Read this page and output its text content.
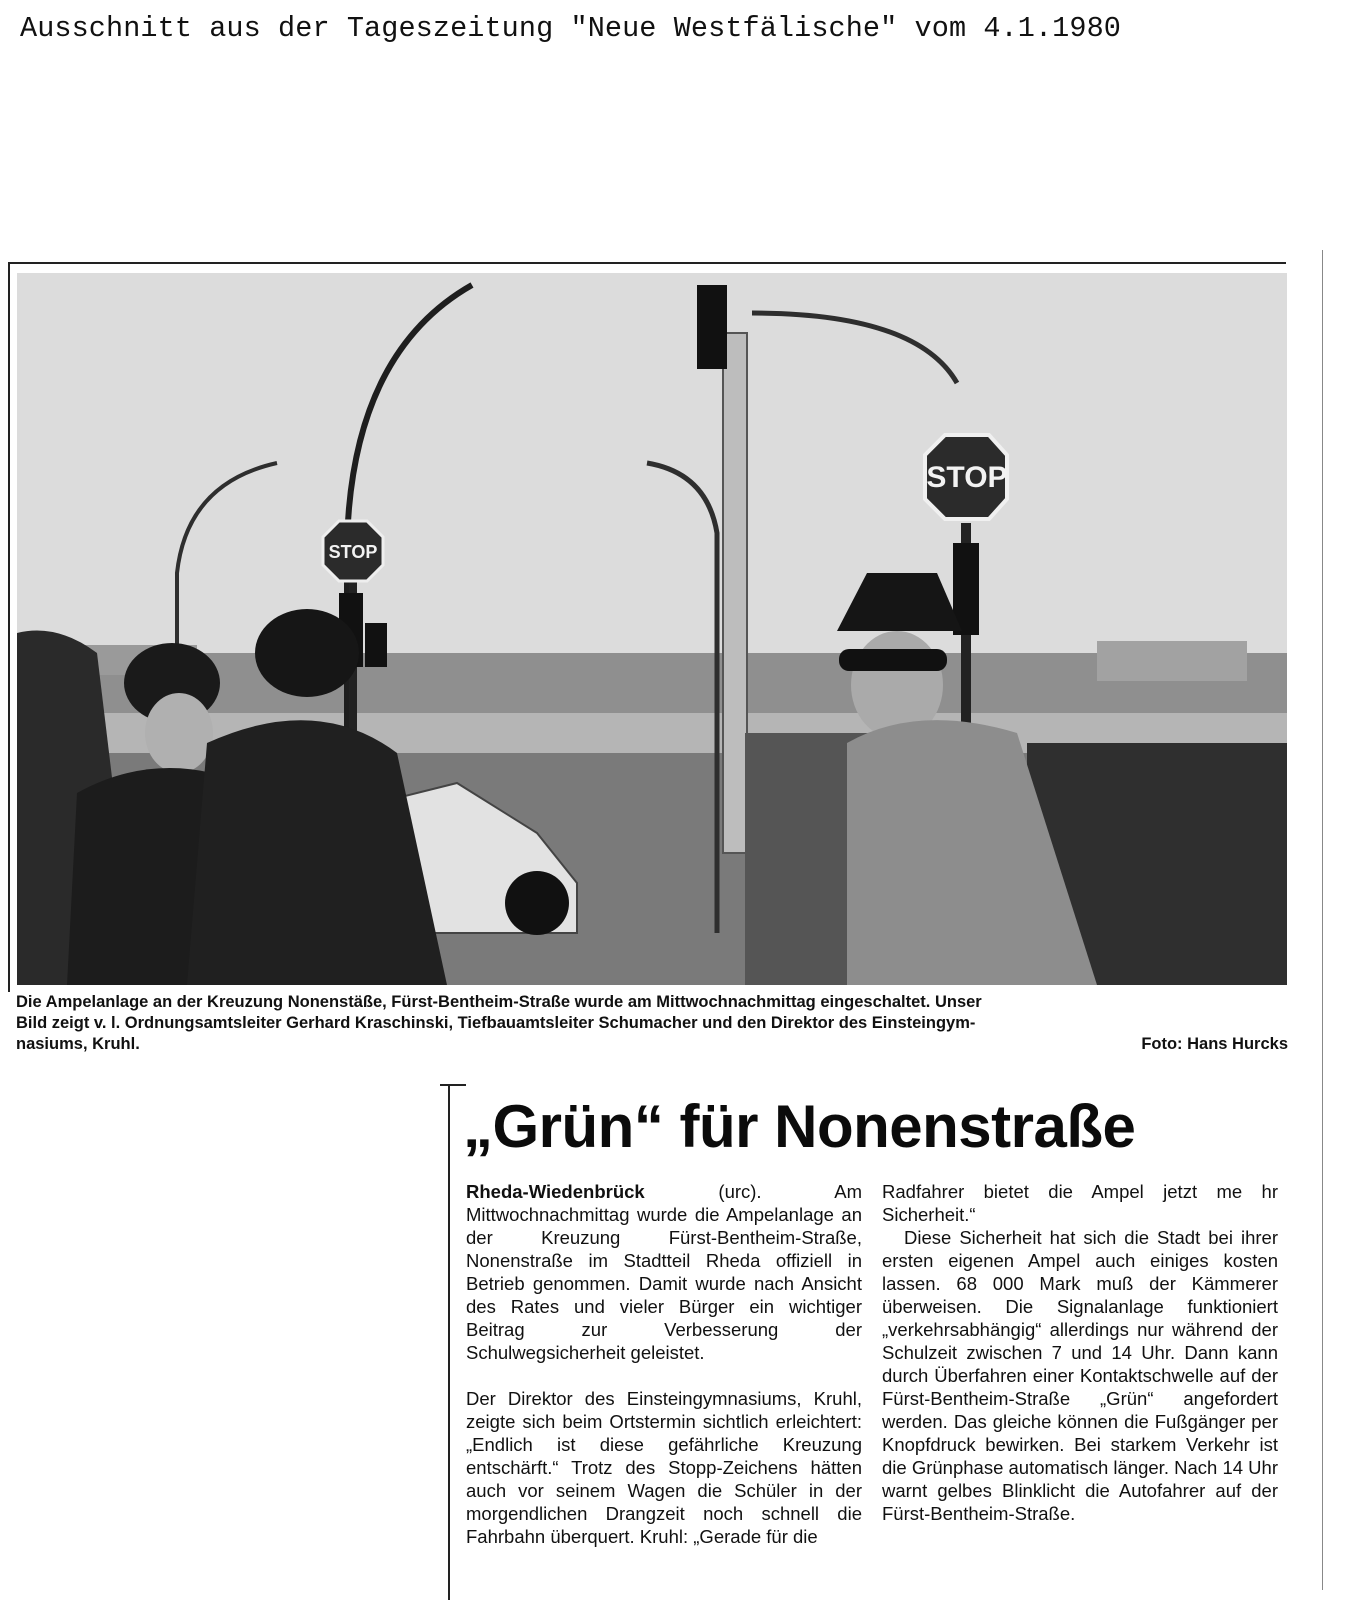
Ausschnitt aus der Tageszeitung "Neue Westfälische" vom 4.1.1980
STOP
STOP
Die Ampelanlage an der Kreuzung Nonenstäße, Fürst-Bentheim-Straße wurde am Mittwochnachmittag eingeschaltet. Unser
Bild zeigt v. l. Ordnungsamtsleiter Gerhard Kraschinski, Tiefbauamtsleiter Schumacher und den Direktor des Einsteingym-
nasiums, Kruhl.	Foto: Hans Hurcks
„Grün“ für Nonenstraße

Rheda-Wiedenbrück (urc). Am Mittwochnachmittag wurde die Ampelanlage an der Kreuzung Fürst-Bentheim-Straße, Nonenstraße im Stadtteil Rheda offiziell in Betrieb genommen. Damit wurde nach Ansicht des Rates und vieler Bürger ein wichtiger Beitrag zur Verbesserung der Schulwegsicherheit geleistet.

Der Direktor des Einsteingymnasiums, Kruhl, zeigte sich beim Ortstermin sichtlich erleichtert: „Endlich ist diese gefährliche Kreuzung entschärft.“ Trotz des Stopp-Zeichens hätten auch vor seinem Wagen die Schüler in der morgendlichen Drangzeit noch schnell die Fahrbahn überquert. Kruhl: „Gerade für die

Radfahrer bietet die Ampel jetzt me hr Sicherheit.“

Diese Sicherheit hat sich die Stadt bei ihrer ersten eigenen Ampel auch einiges kosten lassen. 68 000 Mark muß der Kämmerer überweisen. Die Signalanlage funktioniert „verkehrsabhängig“ allerdings nur während der Schulzeit zwischen 7 und 14 Uhr. Dann kann durch Überfahren einer Kontaktschwelle auf der Fürst-Bentheim-Straße „Grün“ angefordert werden. Das gleiche können die Fußgänger per Knopfdruck bewirken. Bei starkem Verkehr ist die Grünphase automatisch länger. Nach 14 Uhr warnt gelbes Blinklicht die Autofahrer auf der Fürst-Bentheim-Straße.
